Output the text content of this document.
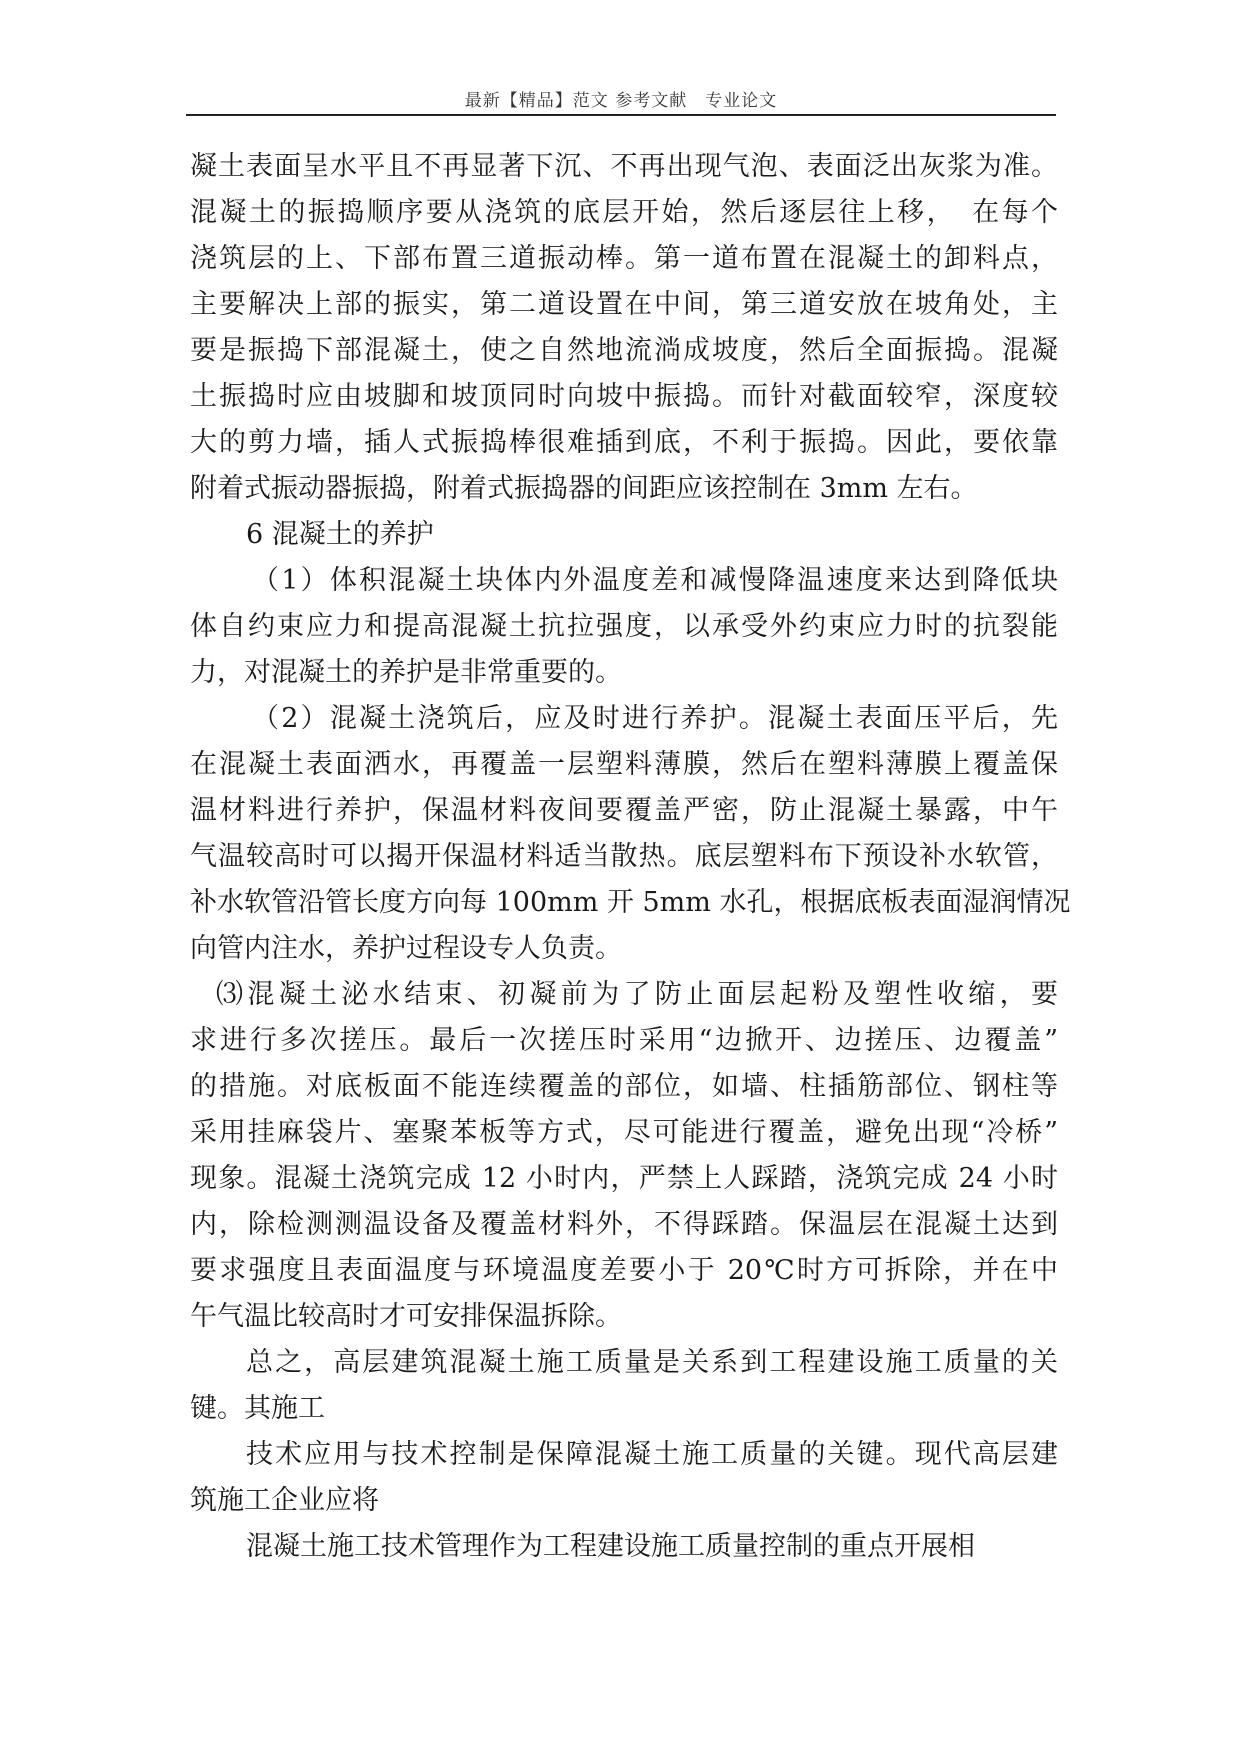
最新【精品】范文 参考文献　专业论文
凝土表面呈水平且不再显著下沉、不再出现气泡、表面泛出灰浆为准。
混凝土的振捣顺序要从浇筑的底层开始，然后逐层往上移，　在每个
浇筑层的上、下部布置三道振动棒。第一道布置在混凝土的卸料点，
主要解决上部的振实，第二道设置在中间，第三道安放在坡角处，主
要是振捣下部混凝土，使之自然地流淌成坡度，然后全面振捣。混凝
土振捣时应由坡脚和坡顶同时向坡中振捣。而针对截面较窄，深度较
大的剪力墙，插人式振捣棒很难插到底，不利于振捣。因此，要依靠
附着式振动器振捣，附着式振捣器的间距应该控制在 3mm 左右。
6 混凝土的养护
（1）体积混凝土块体内外温度差和减慢降温速度来达到降低块
体自约束应力和提高混凝土抗拉强度，以承受外约束应力时的抗裂能
力，对混凝土的养护是非常重要的。
（2）混凝土浇筑后，应及时进行养护。混凝土表面压平后，先
在混凝土表面洒水，再覆盖一层塑料薄膜，然后在塑料薄膜上覆盖保
温材料进行养护，保温材料夜间要覆盖严密，防止混凝土暴露，中午
气温较高时可以揭开保温材料适当散热。底层塑料布下预设补水软管，
补水软管沿管长度方向每 100mm 开 5mm 水孔，根据底板表面湿润情况
向管内注水，养护过程设专人负责。
⑶混凝土泌水结束、初凝前为了防止面层起粉及塑性收缩，要
求进行多次搓压。最后一次搓压时采用“边掀开、边搓压、边覆盖”
的措施。对底板面不能连续覆盖的部位，如墙、柱插筋部位、钢柱等
采用挂麻袋片、塞聚苯板等方式，尽可能进行覆盖，避免出现“冷桥”
现象。混凝土浇筑完成 12 小时内，严禁上人踩踏，浇筑完成 24 小时
内，除检测测温设备及覆盖材料外，不得踩踏。保温层在混凝土达到
要求强度且表面温度与环境温度差要小于 20℃时方可拆除，并在中
午气温比较高时才可安排保温拆除。
总之，高层建筑混凝土施工质量是关系到工程建设施工质量的关
键。其施工
技术应用与技术控制是保障混凝土施工质量的关键。现代高层建
筑施工企业应将
混凝土施工技术管理作为工程建设施工质量控制的重点开展相
